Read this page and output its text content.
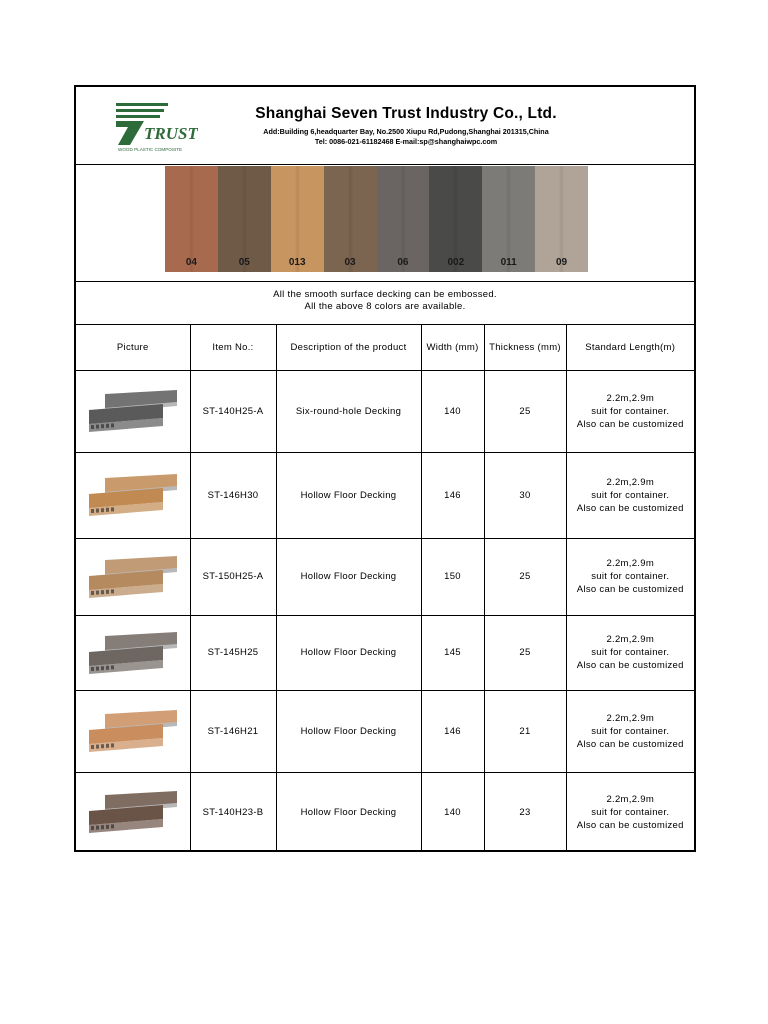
TRUST
WOOD PLASTIC COMPOSITE
Shanghai Seven Trust Industry Co., Ltd.
Add:Building 6,headquarter Bay, No.2500 Xiupu Rd,Pudong,Shanghai 201315,China
Tel: 0086-021-61182468 E-mail:sp@shanghaiwpc.com
04	05	013	03	06	002	011	09
All the smooth surface decking can be embossed.
All the above 8 colors are available.
Picture	Item No.:	Description of the product	Width (mm)	Thickness (mm)	Standard Length(m)

	ST-140H25-A	Six-round-hole Decking	140	25	2.2m,2.9m
suit for container.
Also can be customized

	ST-146H30	Hollow Floor Decking	146	30	2.2m,2.9m
suit for container.
Also can be customized

	ST-150H25-A	Hollow Floor Decking	150	25	2.2m,2.9m
suit for container.
Also can be customized

	ST-145H25	Hollow Floor Decking	145	25	2.2m,2.9m
suit for container.
Also can be customized

	ST-146H21	Hollow Floor Decking	146	21	2.2m,2.9m
suit for container.
Also can be customized

	ST-140H23-B	Hollow Floor Decking	140	23	2.2m,2.9m
suit for container.
Also can be customized
